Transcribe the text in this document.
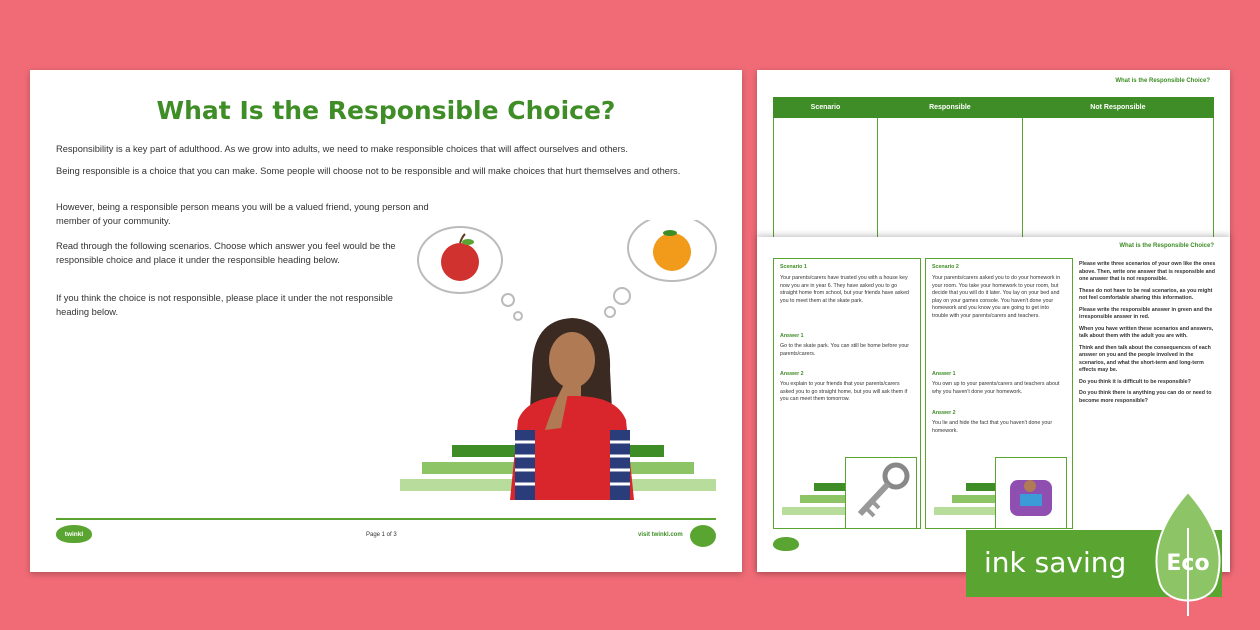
What Is the Responsible Choice?
Responsibility is a key part of adulthood. As we grow into adults, we need to make responsible choices that will affect ourselves and others.
Being responsible is a choice that you can make. Some people will choose not to be responsible and will make choices that hurt themselves and others.
However, being a responsible person means you will be a valued friend, young person and member of your community.
Read through the following scenarios. Choose which answer you feel would be the responsible choice and place it under the responsible heading below.
If you think the choice is not responsible, please place it under the not responsible heading below.
twinkl	Page 1 of 3	visit twinkl.com
What is the Responsible Choice?
Scenario	Responsible	Not Responsible

What is the Responsible Choice?
Scenario 1
Your parents/carers have trusted you with a house key now you are in year 6. They have asked you to go straight home from school, but your friends have asked you to meet them at the skate park.
Answer 1
Go to the skate park. You can still be home before your parents/carers.
Answer 2
You explain to your friends that your parents/carers asked you to go straight home, but you will ask them if you can meet them tomorrow.
Scenario 2
Your parents/carers asked you to do your homework in your room. You take your homework to your room, but decide that you will do it later. You lay on your bed and play on your games console. You haven't done your homework and you know you are going to get into trouble with your parents/carers and teachers.
Answer 1
You own up to your parents/carers and teachers about why you haven't done your homework.
Answer 2
You lie and hide the fact that you haven't done your homework.

Please write three scenarios of your own like the ones above. Then, write one answer that is responsible and one answer that is not responsible.

These do not have to be real scenarios, as you might not feel comfortable sharing this information.

Please write the responsible answer in green and the irresponsible answer in red.

When you have written these scenarios and answers, talk about them with the adult you are with.

Think and then talk about the consequences of each answer on you and the people involved in the scenarios, and what the short-term and long-term effects may be.

Do you think it is difficult to be responsible?

Do you think there is anything you can do or need to become more responsible?

ink saving Eco
